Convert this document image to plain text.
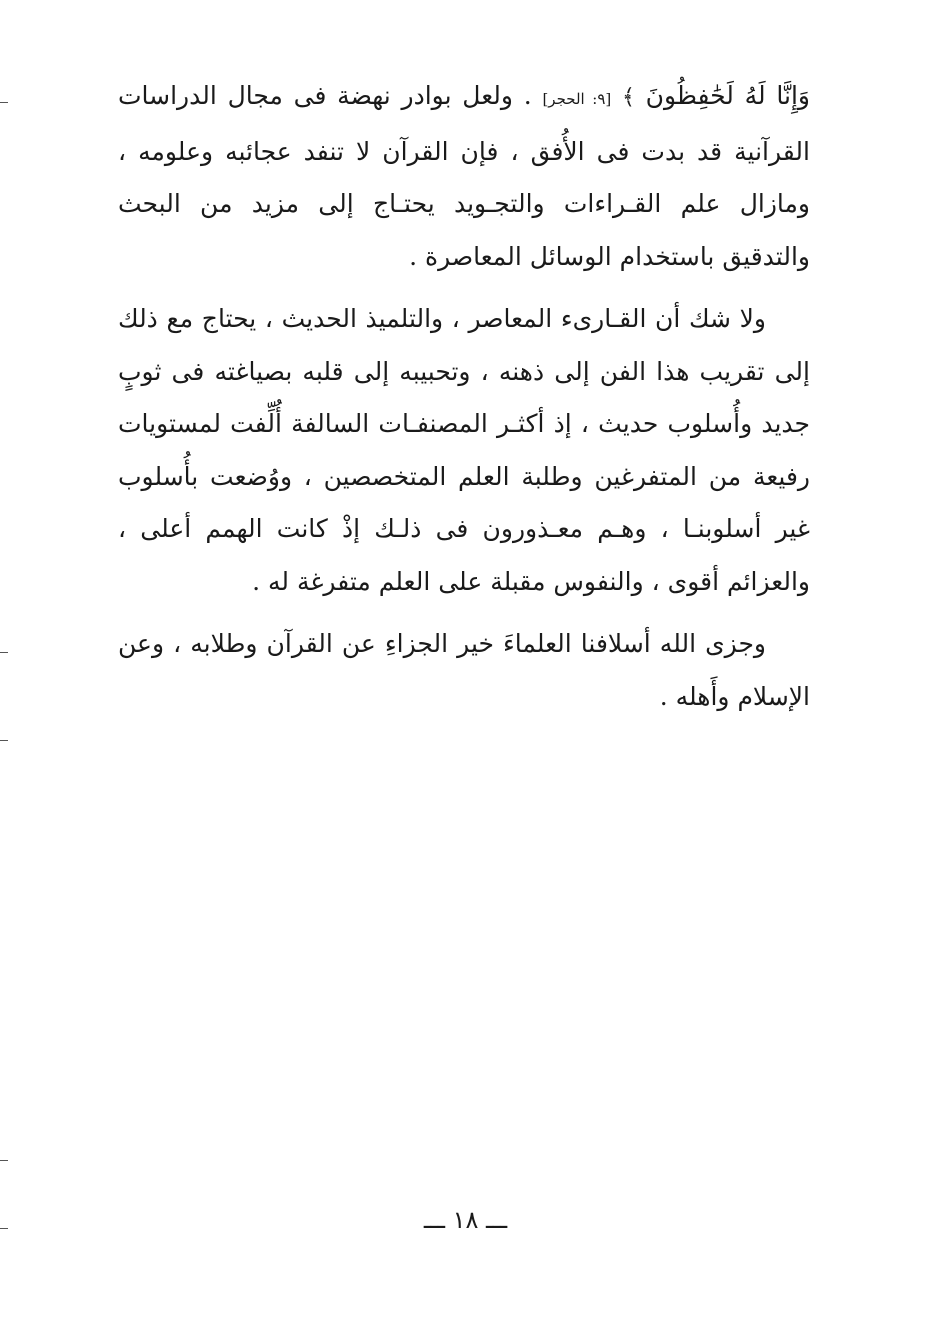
وَإِنَّا لَهُ لَحَٰفِظُونَ ﴾ [٩: الحجر] . ولعل بوادر نهضة فى مجال الدراسات القرآنية قد بدت فى الأُفق ، فإن القرآن لا تنفد عجائبه وعلومه ، ومازال علم القـراءات والتجـويد يحتـاج إلى مزيد من البحث والتدقيق باستخدام الوسائل المعاصرة .

ولا شك أن القـارىء المعاصر ، والتلميذ الحديث ، يحتاج مع ذلك إلى تقريب هذا الفن إلى ذهنه ، وتحبيبه إلى قلبه بصياغته فى ثوبٍ جديد وأُسلوب حديث ، إذ أكثـر المصنفـات السالفة أُلِّفت لمستويات رفيعة من المتفرغين وطلبة العلم المتخصصين ، ووُضعت بأُسلوب غير أسلوبنـا ، وهـم معـذورون فى ذلـك إذْ كانت الهمم أعلى ، والعزائم أقوى ، والنفوس مقبلة على العلم متفرغة له .

وجزى الله أسلافنا العلماءَ خير الجزاءِ عن القرآن وطلابه ، وعن الإسلام وأَهله .

ـــ ١٨ ـــ
